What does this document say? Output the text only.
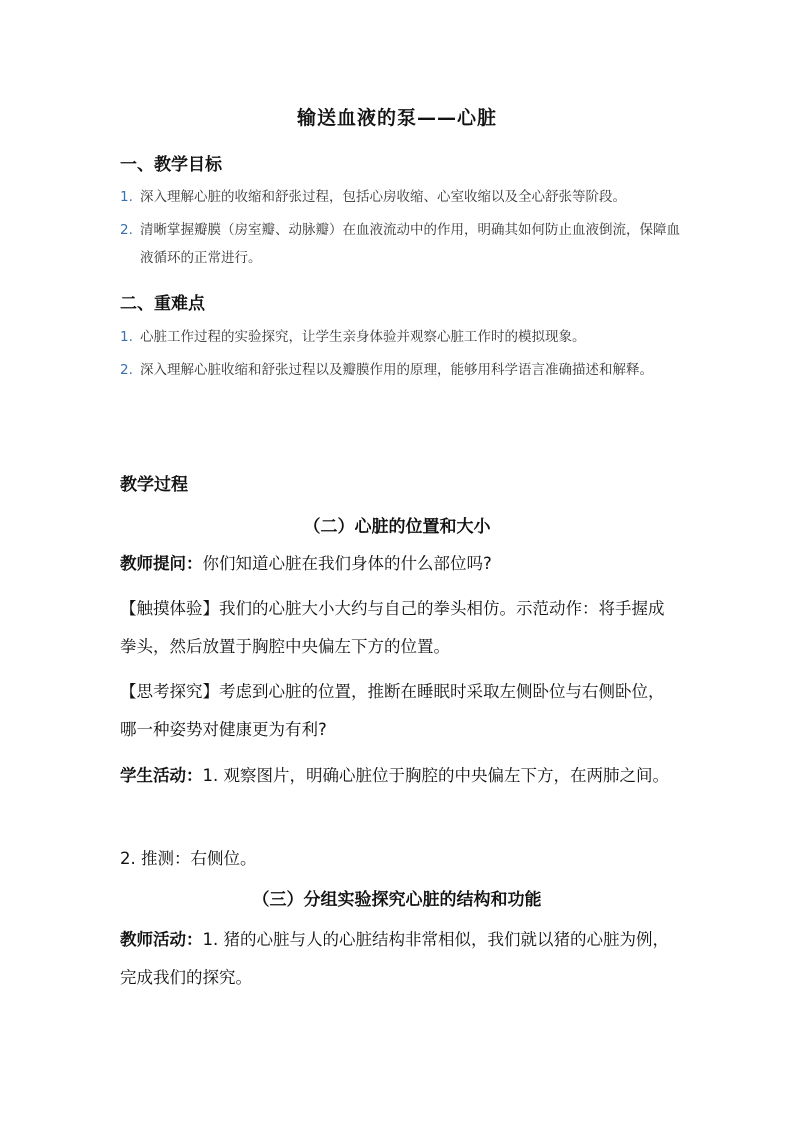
输送血液的泵——心脏
一、教学目标
1. 深入理解心脏的收缩和舒张过程，包括心房收缩、心室收缩以及全心舒张等阶段。
2. 清晰掌握瓣膜（房室瓣、动脉瓣）在血液流动中的作用，明确其如何防止血液倒流，保障血液循环的正常进行。
二、重难点
1. 心脏工作过程的实验探究，让学生亲身体验并观察心脏工作时的模拟现象。
2. 深入理解心脏收缩和舒张过程以及瓣膜作用的原理，能够用科学语言准确描述和解释。
教学过程
（二）心脏的位置和大小
教师提问：你们知道心脏在我们身体的什么部位吗?
【触摸体验】我们的心脏大小大约与自己的拳头相仿。示范动作：将手握成拳头，然后放置于胸腔中央偏左下方的位置。
【思考探究】考虑到心脏的位置，推断在睡眠时采取左侧卧位与右侧卧位，哪一种姿势对健康更为有利?
学生活动：1. 观察图片，明确心脏位于胸腔的中央偏左下方，在两肺之间。
2. 推测：右侧位。
（三）分组实验探究心脏的结构和功能
教师活动：1. 猪的心脏与人的心脏结构非常相似，我们就以猪的心脏为例，完成我们的探究。
